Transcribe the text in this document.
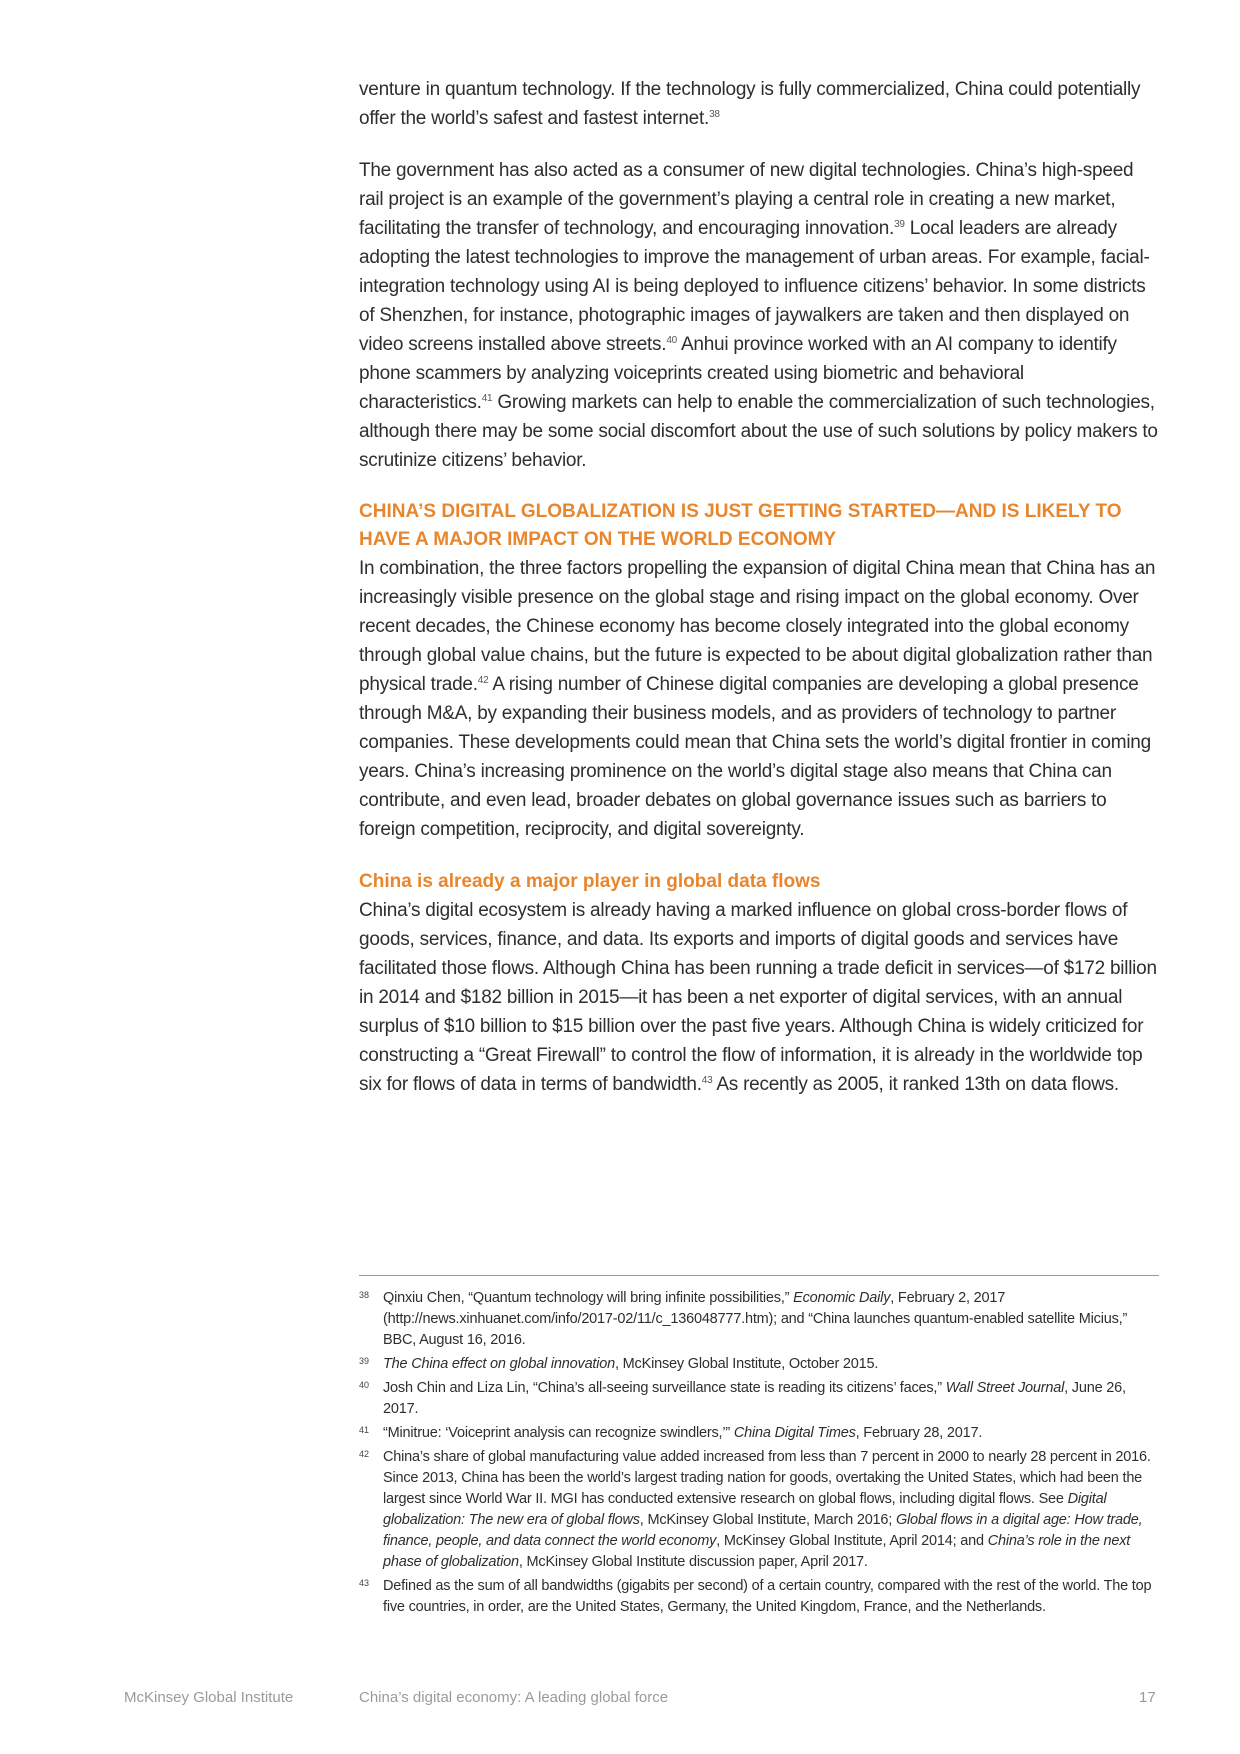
venture in quantum technology. If the technology is fully commercialized, China could potentially offer the world’s safest and fastest internet.$^{38}$

The government has also acted as a consumer of new digital technologies. China’s high-speed rail project is an example of the government’s playing a central role in creating a new market, facilitating the transfer of technology, and encouraging innovation.$^{39}$ Local leaders are already adopting the latest technologies to improve the management of urban areas. For example, facial-integration technology using AI is being deployed to influence citizens’ behavior. In some districts of Shenzhen, for instance, photographic images of jaywalkers are taken and then displayed on video screens installed above streets.$^{40}$ Anhui province worked with an AI company to identify phone scammers by analyzing voiceprints created using biometric and behavioral characteristics.$^{41}$ Growing markets can help to enable the commercialization of such technologies, although there may be some social discomfort about the use of such solutions by policy makers to scrutinize citizens’ behavior.

CHINA’S DIGITAL GLOBALIZATION IS JUST GETTING STARTED—AND IS LIKELY TO HAVE A MAJOR IMPACT ON THE WORLD ECONOMY

In combination, the three factors propelling the expansion of digital China mean that China has an increasingly visible presence on the global stage and rising impact on the global economy. Over recent decades, the Chinese economy has become closely integrated into the global economy through global value chains, but the future is expected to be about digital globalization rather than physical trade.$^{42}$ A rising number of Chinese digital companies are developing a global presence through M&A, by expanding their business models, and as providers of technology to partner companies. These developments could mean that China sets the world’s digital frontier in coming years. China’s increasing prominence on the world’s digital stage also means that China can contribute, and even lead, broader debates on global governance issues such as barriers to foreign competition, reciprocity, and digital sovereignty.

China is already a major player in global data flows

China’s digital ecosystem is already having a marked influence on global cross-border flows of goods, services, finance, and data. Its exports and imports of digital goods and services have facilitated those flows. Although China has been running a trade deficit in services—of $172 billion in 2014 and $182 billion in 2015—it has been a net exporter of digital services, with an annual surplus of $10 billion to $15 billion over the past five years. Although China is widely criticized for constructing a “Great Firewall” to control the flow of information, it is already in the worldwide top six for flows of data in terms of bandwidth.$^{43}$ As recently as 2005, it ranked 13th on data flows.

38 Qinxiu Chen, “Quantum technology will bring infinite possibilities,” Economic Daily, February 2, 2017 (http://news.xinhuanet.com/info/2017-02/11/c_136048777.htm); and “China launches quantum-enabled satellite Micius,” BBC, August 16, 2016.
39 The China effect on global innovation, McKinsey Global Institute, October 2015.
40 Josh Chin and Liza Lin, “China’s all-seeing surveillance state is reading its citizens’ faces,” Wall Street Journal, June 26, 2017.
41 “Minitrue: ‘Voiceprint analysis can recognize swindlers,’” China Digital Times, February 28, 2017.
42 China’s share of global manufacturing value added increased from less than 7 percent in 2000 to nearly 28 percent in 2016. Since 2013, China has been the world’s largest trading nation for goods, overtaking the United States, which had been the largest since World War II. MGI has conducted extensive research on global flows, including digital flows. See Digital globalization: The new era of global flows, McKinsey Global Institute, March 2016; Global flows in a digital age: How trade, finance, people, and data connect the world economy, McKinsey Global Institute, April 2014; and China’s role in the next phase of globalization, McKinsey Global Institute discussion paper, April 2017.
43 Defined as the sum of all bandwidths (gigabits per second) of a certain country, compared with the rest of the world. The top five countries, in order, are the United States, Germany, the United Kingdom, France, and the Netherlands.
McKinsey Global Institute	China’s digital economy: A leading global force	17
